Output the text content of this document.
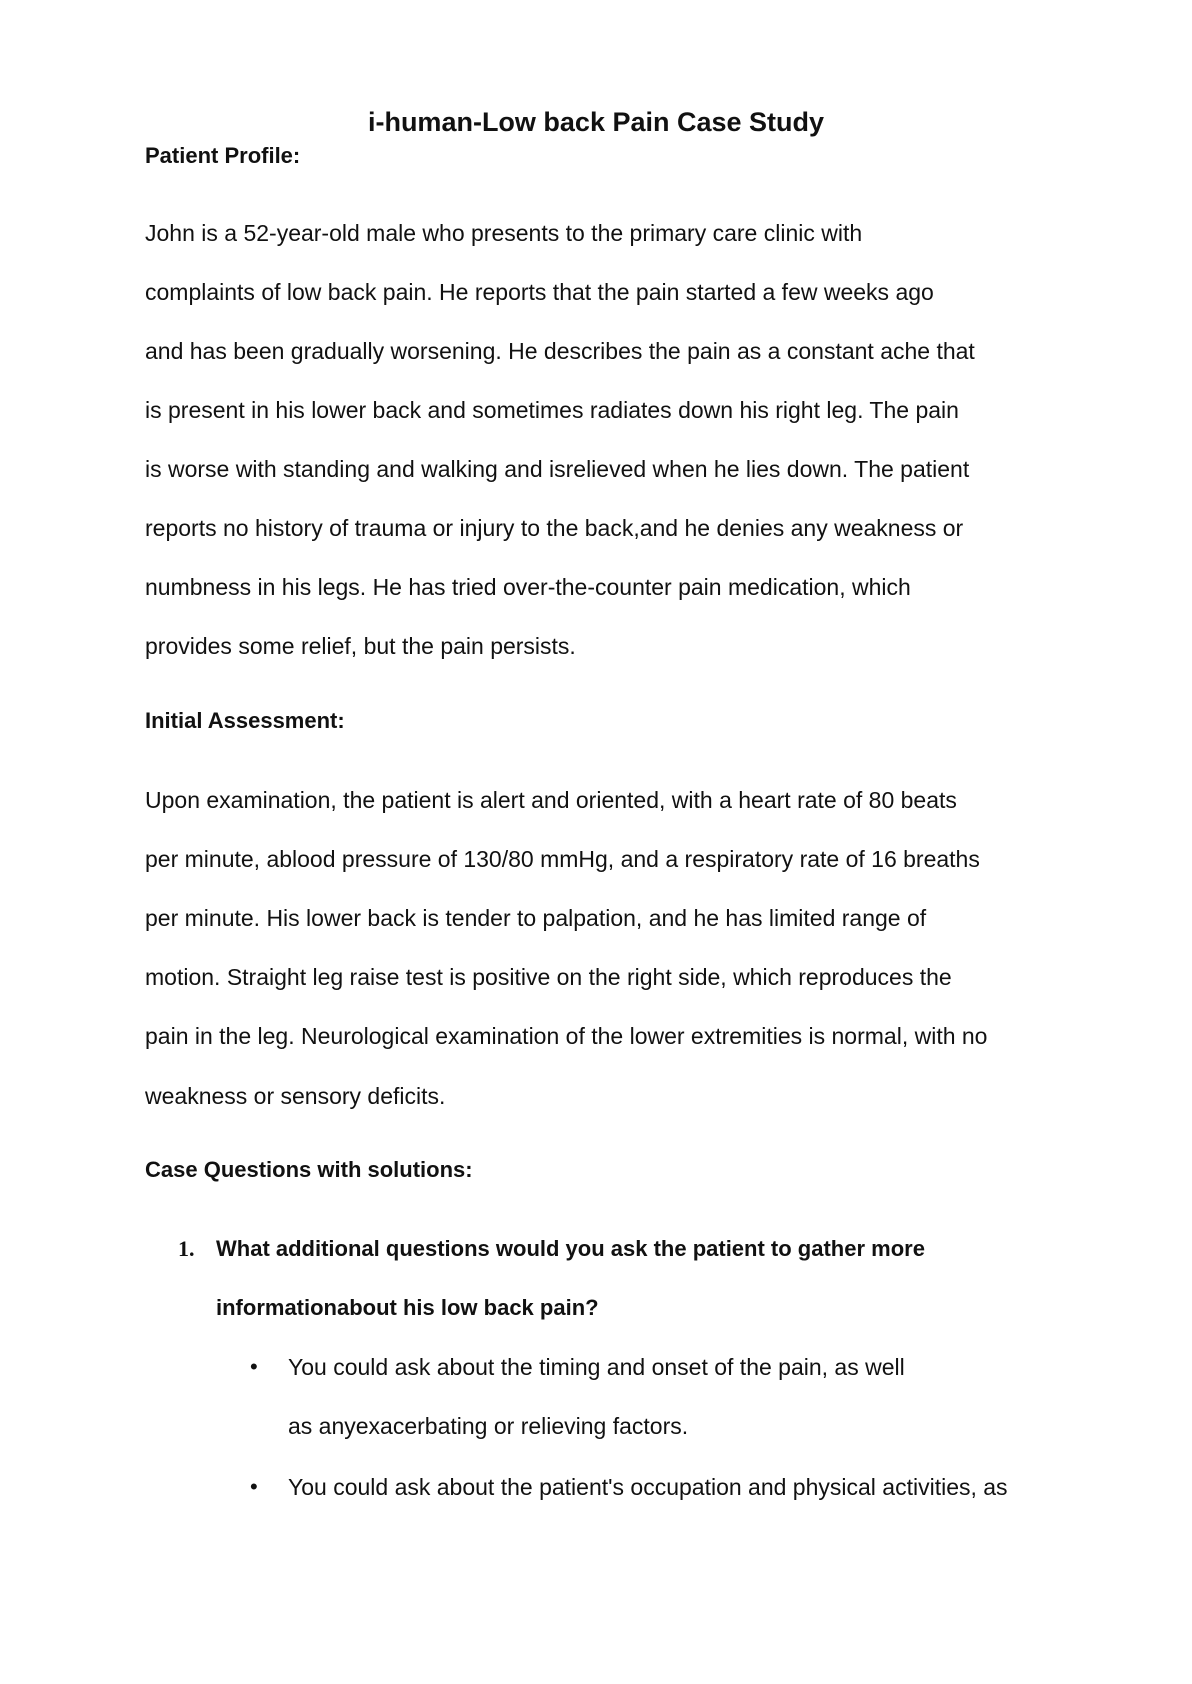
i-human-Low back Pain Case Study
Patient Profile:
John is a 52-year-old male who presents to the primary care clinic with
complaints of low back pain. He reports that the pain started a few weeks ago
and has been gradually worsening. He describes the pain as a constant ache that
is present in his lower back and sometimes radiates down his right leg. The pain
is worse with standing and walking and isrelieved when he lies down. The patient
reports no history of trauma or injury to the back,and he denies any weakness or
numbness in his legs. He has tried over-the-counter pain medication, which
provides some relief, but the pain persists.
Initial Assessment:
Upon examination, the patient is alert and oriented, with a heart rate of 80 beats
per minute, ablood pressure of 130/80 mmHg, and a respiratory rate of 16 breaths
per minute. His lower back is tender to palpation, and he has limited range of
motion. Straight leg raise test is positive on the right side, which reproduces the
pain in the leg. Neurological examination of the lower extremities is normal, with no
weakness or sensory deficits.
Case Questions with solutions:
1. What additional questions would you ask the patient to gather more
informationabout his low back pain?
• You could ask about the timing and onset of the pain, as well
as anyexacerbating or relieving factors.
• You could ask about the patient's occupation and physical activities, as
